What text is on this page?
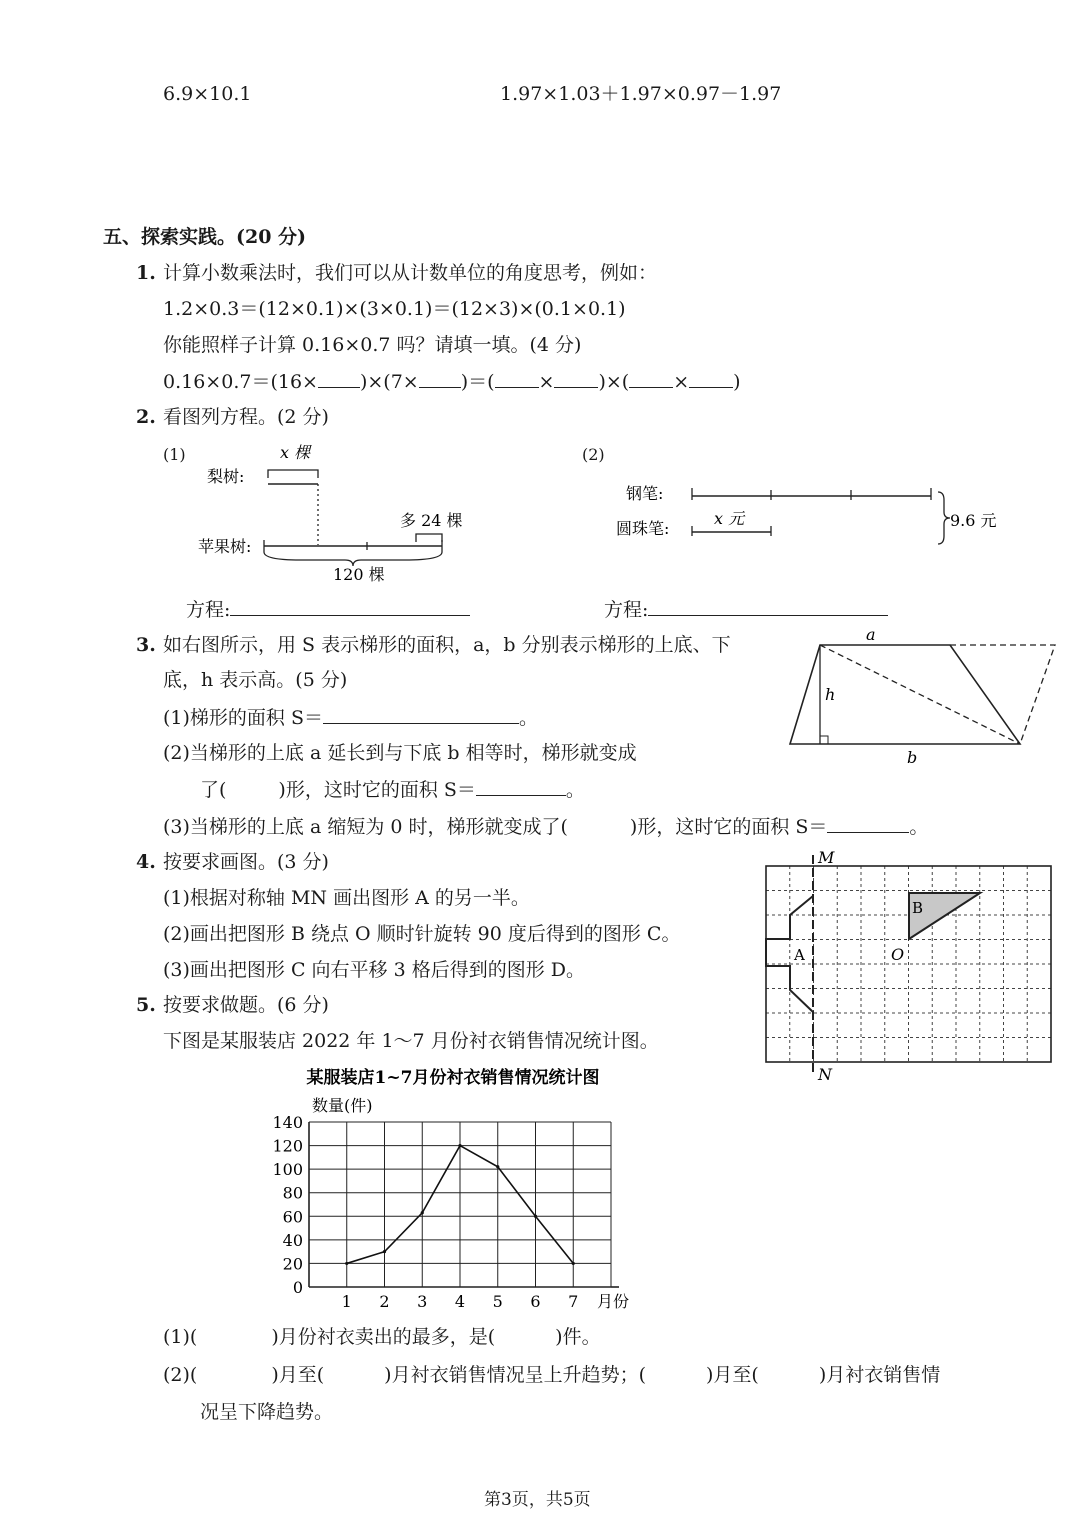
6.9×10.1	1.97×1.03＋1.97×0.97－1.97
五、探索实践。(20 分)
1. 计算小数乘法时，我们可以从计数单位的角度思考，例如：
1.2×0.3＝(12×0.1)×(3×0.1)＝(12×3)×(0.1×0.1)
你能照样子计算 0.16×0.7 吗？请填一填。(4 分)
0.16×0.7＝(16× )×(7× )＝( × )×( × )
2. 看图列方程。(2 分)
(1)	(2)
x 棵
梨树:
多 24 棵
苹果树:
120 棵
钢笔:
圆珠笔:
x 元	9.6 元
方程:	方程:
3. 如右图所示，用 S 表示梯形的面积，a，b 分别表示梯形的上底、下
底，h 表示高。(5 分)
(1)梯形的面积 S＝	。
(2)当梯形的上底 a 延长到与下底 b 相等时，梯形就变成
了(	)形，这时它的面积 S＝	。
(3)当梯形的上底 a 缩短为 0 时，梯形就变成了(	)形，这时它的面积 S＝	。
a
b
h
4. 按要求画图。(3 分)
(1)根据对称轴 MN 画出图形 A 的另一半。
(2)画出把图形 B 绕点 O 顺时针旋转 90 度后得到的图形 C。
(3)画出把图形 C 向右平移 3 格后得到的图形 D。
M
N
A
B
O
5. 按要求做题。(6 分)
下图是某服装店 2022 年 1～7 月份衬衣销售情况统计图。
某服装店1~7月份衬衣销售情况统计图
数量(件)
月份
0
20
40
60
80
100
120
140
1 2 3 4 5 6 7
(1)(	)月份衬衣卖出的最多，是(	)件。
(2)(	)月至(	)月衬衣销售情况呈上升趋势；(	)月至(	)月衬衣销售情
况呈下降趋势。
第3页，共5页
